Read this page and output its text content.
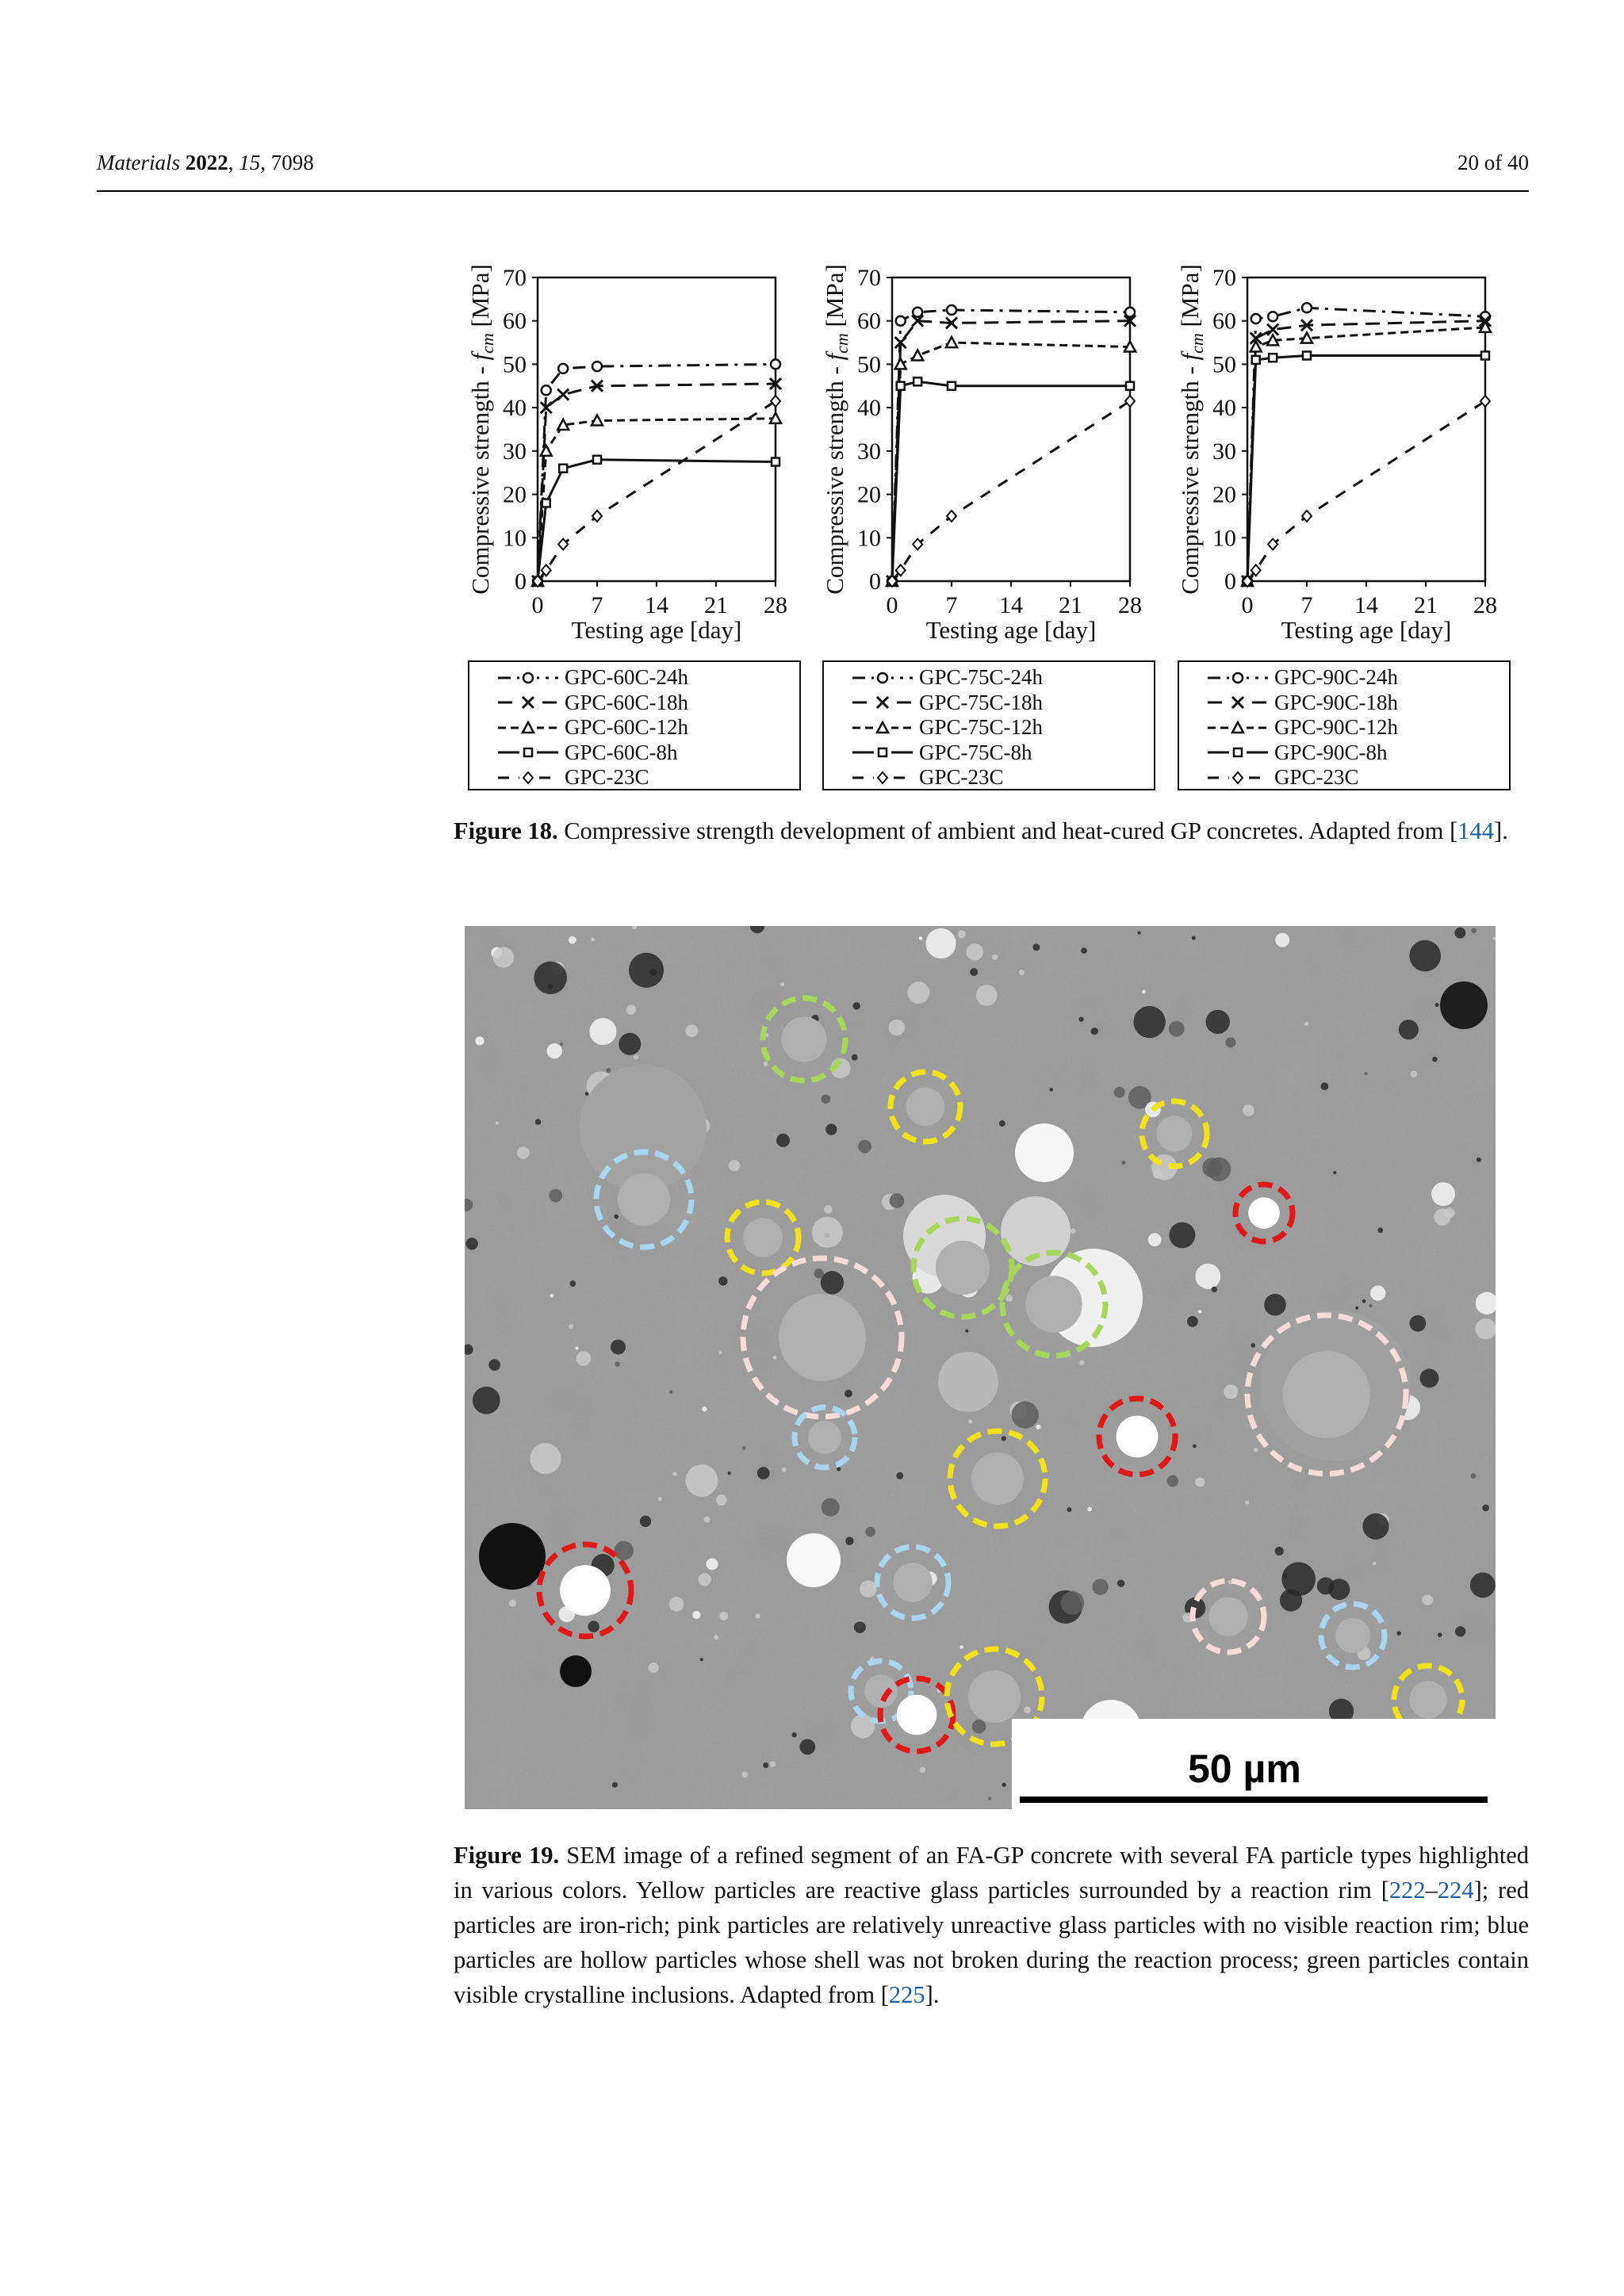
Materials 2022, 15, 7098	20 of 40
0
10
20
30
40
50
60
70
0 7 14 21 28
Testing age [day]
Compressive strength - fcm [MPa]
0
10
20
30
40
50
60
70
0 7 14 21 28
Testing age [day]
Compressive strength - fcm [MPa]
0
10
20
30
40
50
60
70
0 7 14 21 28
Testing age [day]
Compressive strength - fcm [MPa]
GPC-60C-24h
GPC-60C-18h
GPC-60C-12h
GPC-60C-8h
GPC-23C
GPC-75C-24h
GPC-75C-18h
GPC-75C-12h
GPC-75C-8h
GPC-23C
GPC-90C-24h
GPC-90C-18h
GPC-90C-12h
GPC-90C-8h
GPC-23C
Figure 18. Compressive strength development of ambient and heat-cured GP concretes. Adapted from [144].
50 µm
Figure 19. SEM image of a refined segment of an FA-GP concrete with several FA particle types highlighted in various colors. Yellow particles are reactive glass particles surrounded by a reaction rim [222–224]; red particles are iron-rich; pink particles are relatively unreactive glass particles with no visible reaction rim; blue particles are hollow particles whose shell was not broken during the reaction process; green particles contain visible crystalline inclusions. Adapted from [225].
